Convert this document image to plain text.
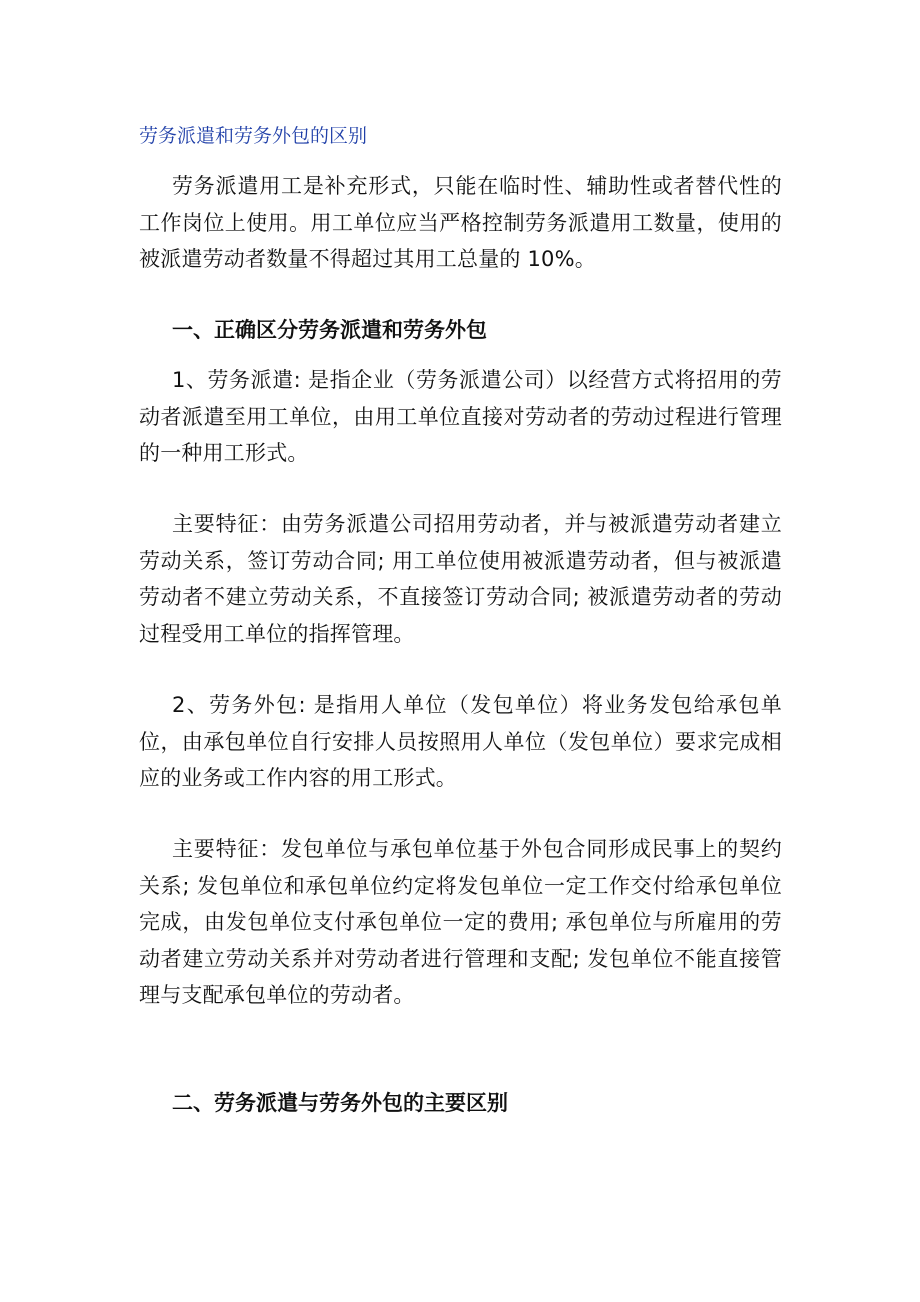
劳务派遣和劳务外包的区别

劳务派遣用工是补充形式，只能在临时性、辅助性或者替代性的工作岗位上使用。用工单位应当严格控制劳务派遣用工数量，使用的被派遣劳动者数量不得超过其用工总量的 10%。

一、正确区分劳务派遣和劳务外包

1、劳务派遣: 是指企业（劳务派遣公司）以经营方式将招用的劳动者派遣至用工单位，由用工单位直接对劳动者的劳动过程进行管理的一种用工形式。

主要特征：由劳务派遣公司招用劳动者，并与被派遣劳动者建立劳动关系，签订劳动合同; 用工单位使用被派遣劳动者，但与被派遣劳动者不建立劳动关系，不直接签订劳动合同; 被派遣劳动者的劳动过程受用工单位的指挥管理。

2、劳务外包: 是指用人单位（发包单位）将业务发包给承包单位，由承包单位自行安排人员按照用人单位（发包单位）要求完成相应的业务或工作内容的用工形式。

主要特征：发包单位与承包单位基于外包合同形成民事上的契约关系; 发包单位和承包单位约定将发包单位一定工作交付给承包单位完成，由发包单位支付承包单位一定的费用; 承包单位与所雇用的劳动者建立劳动关系并对劳动者进行管理和支配; 发包单位不能直接管理与支配承包单位的劳动者。

二、劳务派遣与劳务外包的主要区别
